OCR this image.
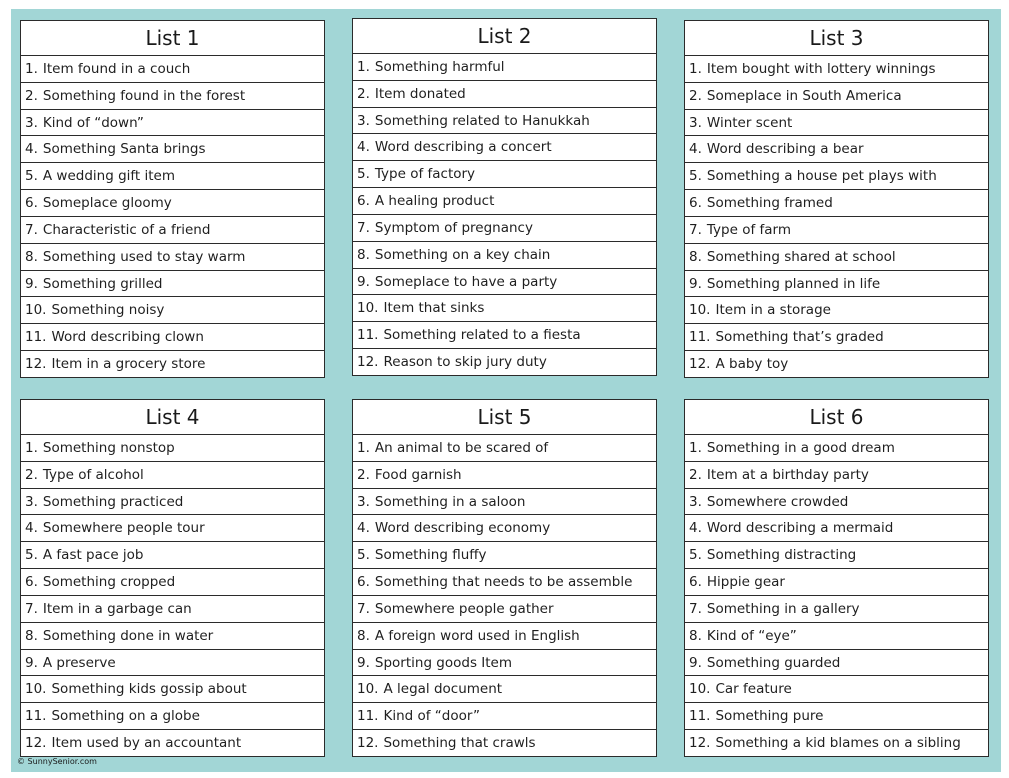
List 1
1. Item found in a couch
2. Something found in the forest
3. Kind of “down”
4. Something Santa brings
5. A wedding gift item
6. Someplace gloomy
7. Characteristic of a friend
8. Something used to stay warm
9. Something grilled
10. Something noisy
11. Word describing clown
12. Item in a grocery store
List 2
1. Something harmful
2. Item donated
3. Something related to Hanukkah
4. Word describing a concert
5. Type of factory
6. A healing product
7. Symptom of pregnancy
8. Something on a key chain
9. Someplace to have a party
10. Item that sinks
11. Something related to a fiesta
12. Reason to skip jury duty
List 3
1. Item bought with lottery winnings
2. Someplace in South America
3. Winter scent
4. Word describing a bear
5. Something a house pet plays with
6. Something framed
7. Type of farm
8. Something shared at school
9. Something planned in life
10. Item in a storage
11. Something that’s graded
12. A baby toy
List 4
1. Something nonstop
2. Type of alcohol
3. Something practiced
4. Somewhere people tour
5. A fast pace job
6. Something cropped
7. Item in a garbage can
8. Something done in water
9. A preserve
10. Something kids gossip about
11. Something on a globe
12. Item used by an accountant
List 5
1. An animal to be scared of
2. Food garnish
3. Something in a saloon
4. Word describing economy
5. Something fluffy
6. Something that needs to be assemble
7. Somewhere people gather
8. A foreign word used in English
9. Sporting goods Item
10. A legal document
11. Kind of “door”
12. Something that crawls
List 6
1. Something in a good dream
2. Item at a birthday party
3. Somewhere crowded
4. Word describing a mermaid
5. Something distracting
6. Hippie gear
7. Something in a gallery
8. Kind of “eye”
9. Something guarded
10. Car feature
11. Something pure
12. Something a kid blames on a sibling
© SunnySenior.com
